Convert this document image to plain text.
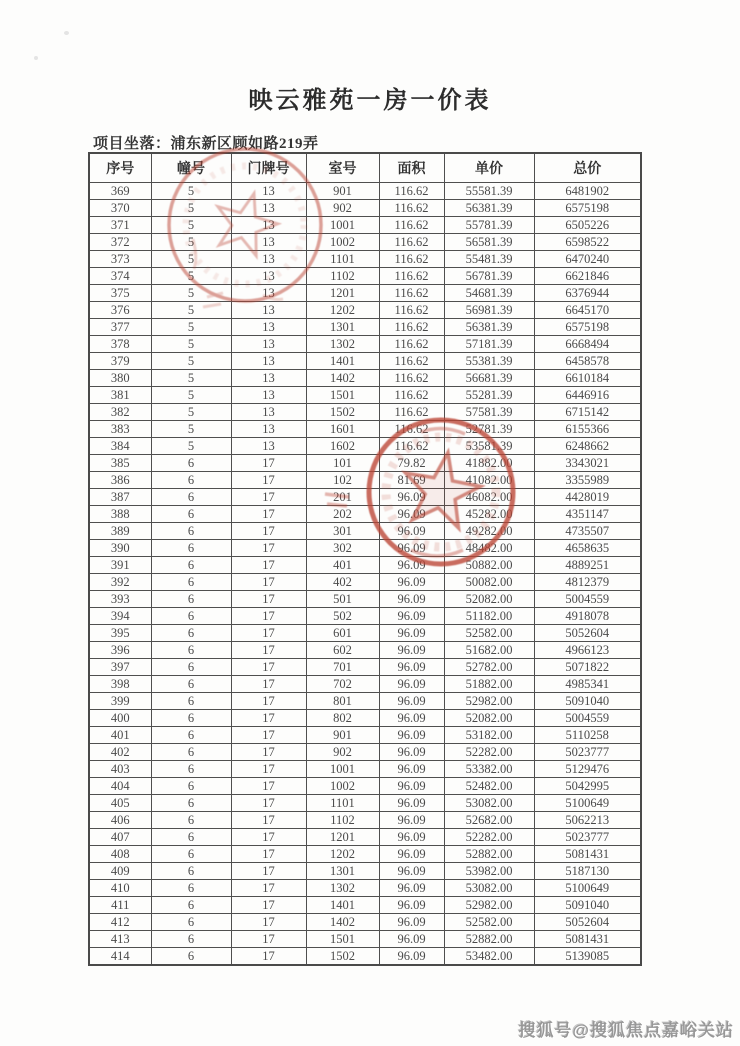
映云雅苑一房一价表
项目坐落：浦东新区顾如路219弄
序号	幢号	门牌号	室号	面积	单价	总价
369	5	13	901	116.62	55581.39	6481902
370	5	13	902	116.62	56381.39	6575198
371	5	13	1001	116.62	55781.39	6505226
372	5	13	1002	116.62	56581.39	6598522
373	5	13	1101	116.62	55481.39	6470240
374	5	13	1102	116.62	56781.39	6621846
375	5	13	1201	116.62	54681.39	6376944
376	5	13	1202	116.62	56981.39	6645170
377	5	13	1301	116.62	56381.39	6575198
378	5	13	1302	116.62	57181.39	6668494
379	5	13	1401	116.62	55381.39	6458578
380	5	13	1402	116.62	56681.39	6610184
381	5	13	1501	116.62	55281.39	6446916
382	5	13	1502	116.62	57581.39	6715142
383	5	13	1601	116.62	52781.39	6155366
384	5	13	1602	116.62	53581.39	6248662
385	6	17	101	79.82	41882.00	3343021
386	6	17	102	81.69	41082.00	3355989
387	6	17	201	96.09	46082.00	4428019
388	6	17	202	96.09	45282.00	4351147
389	6	17	301	96.09	49282.00	4735507
390	6	17	302	96.09	48482.00	4658635
391	6	17	401	96.09	50882.00	4889251
392	6	17	402	96.09	50082.00	4812379
393	6	17	501	96.09	52082.00	5004559
394	6	17	502	96.09	51182.00	4918078
395	6	17	601	96.09	52582.00	5052604
396	6	17	602	96.09	51682.00	4966123
397	6	17	701	96.09	52782.00	5071822
398	6	17	702	96.09	51882.00	4985341
399	6	17	801	96.09	52982.00	5091040
400	6	17	802	96.09	52082.00	5004559
401	6	17	901	96.09	53182.00	5110258
402	6	17	902	96.09	52282.00	5023777
403	6	17	1001	96.09	53382.00	5129476
404	6	17	1002	96.09	52482.00	5042995
405	6	17	1101	96.09	53082.00	5100649
406	6	17	1102	96.09	52682.00	5062213
407	6	17	1201	96.09	52282.00	5023777
408	6	17	1202	96.09	52882.00	5081431
409	6	17	1301	96.09	53982.00	5187130
410	6	17	1302	96.09	53082.00	5100649
411	6	17	1401	96.09	52982.00	5091040
412	6	17	1402	96.09	52582.00	5052604
413	6	17	1501	96.09	52882.00	5081431
414	6	17	1502	96.09	53482.00	5139085
搜狐号@搜狐焦点嘉峪关站
